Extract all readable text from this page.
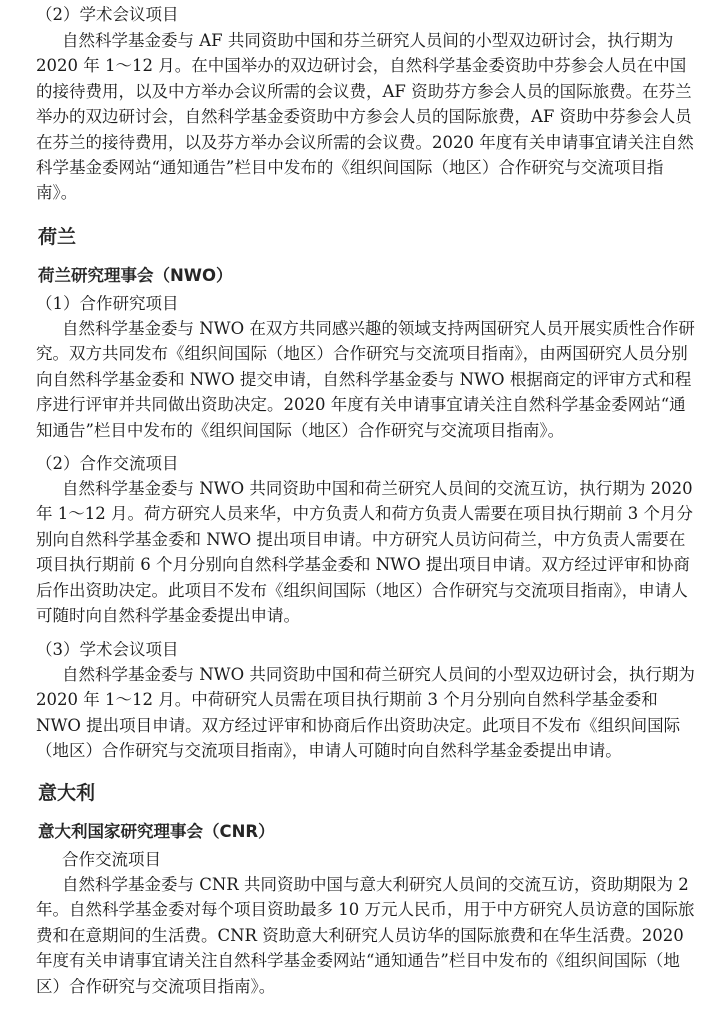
（2）学术会议项目

自然科学基金委与 AF 共同资助中国和芬兰研究人员间的小型双边研讨会，执行期为 2020 年 1～12 月。在中国举办的双边研讨会，自然科学基金委资助中芬参会人员在中国的接待费用，以及中方举办会议所需的会议费，AF 资助芬方参会人员的国际旅费。在芬兰举办的双边研讨会，自然科学基金委资助中方参会人员的国际旅费，AF 资助中芬参会人员在芬兰的接待费用，以及芬方举办会议所需的会议费。2020 年度有关申请事宜请关注自然科学基金委网站“通知通告”栏目中发布的《组织间国际（地区）合作研究与交流项目指南》。

荷兰
荷兰研究理事会（NWO）
（1）合作研究项目

自然科学基金委与 NWO 在双方共同感兴趣的领域支持两国研究人员开展实质性合作研究。双方共同发布《组织间国际（地区）合作研究与交流项目指南》，由两国研究人员分别向自然科学基金委和 NWO 提交申请，自然科学基金委与 NWO 根据商定的评审方式和程序进行评审并共同做出资助决定。2020 年度有关申请事宜请关注自然科学基金委网站“通知通告”栏目中发布的《组织间国际（地区）合作研究与交流项目指南》。

（2）合作交流项目

自然科学基金委与 NWO 共同资助中国和荷兰研究人员间的交流互访，执行期为 2020 年 1～12 月。荷方研究人员来华，中方负责人和荷方负责人需要在项目执行期前 3 个月分别向自然科学基金委和 NWO 提出项目申请。中方研究人员访问荷兰，中方负责人需要在项目执行期前 6 个月分别向自然科学基金委和 NWO 提出项目申请。双方经过评审和协商后作出资助决定。此项目不发布《组织间国际（地区）合作研究与交流项目指南》，申请人可随时向自然科学基金委提出申请。

（3）学术会议项目

自然科学基金委与 NWO 共同资助中国和荷兰研究人员间的小型双边研讨会，执行期为 2020 年 1～12 月。中荷研究人员需在项目执行期前 3 个月分别向自然科学基金委和 NWO 提出项目申请。双方经过评审和协商后作出资助决定。此项目不发布《组织间国际（地区）合作研究与交流项目指南》，申请人可随时向自然科学基金委提出申请。

意大利
意大利国家研究理事会（CNR）
合作交流项目

自然科学基金委与 CNR 共同资助中国与意大利研究人员间的交流互访，资助期限为 2 年。自然科学基金委对每个项目资助最多 10 万元人民币，用于中方研究人员访意的国际旅费和在意期间的生活费。CNR 资助意大利研究人员访华的国际旅费和在华生活费。2020 年度有关申请事宜请关注自然科学基金委网站“通知通告”栏目中发布的《组织间国际（地区）合作研究与交流项目指南》。
